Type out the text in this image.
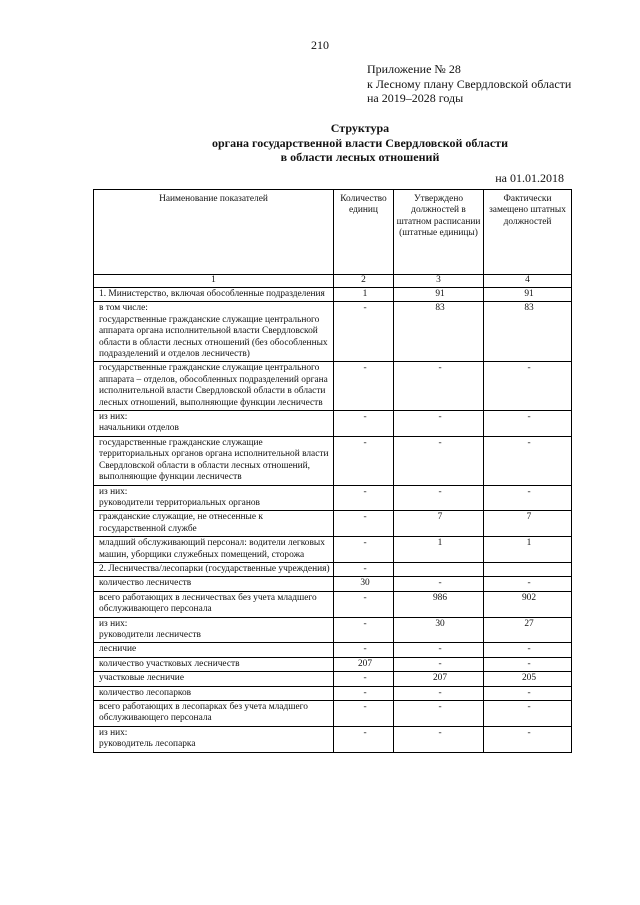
210
Приложение № 28
к Лесному плану Свердловской области
на 2019–2028 годы
Структура
органа государственной власти Свердловской области
в области лесных отношений
на 01.01.2018
Наименование показателей	Количество единиц	Утверждено должностей в штатном расписании (штатные единицы)	Фактически замещено штатных должностей
1	2	3	4
1. Министерство, включая обособленные подразделения	1	91	91
в том числе:
государственные гражданские служащие центрального аппарата органа исполнительной власти Свердловской области в области лесных отношений (без обособленных подразделений и отделов лесничеств)	-	83	83
государственные гражданские служащие центрального аппарата – отделов, обособленных подразделений органа исполнительной власти Свердловской области в области лесных отношений, выполняющие функции лесничеств	-	-	-
из них:
начальники отделов	-	-	-
государственные гражданские служащие территориальных органов органа исполнительной власти Свердловской области в области лесных отношений, выполняющие функции лесничеств	-	-	-
из них:
руководители территориальных органов	-	-	-
гражданские служащие, не отнесенные к государственной службе	-	7	7
младший обслуживающий персонал: водители легковых машин, уборщики служебных помещений, сторожа	-	1	1
2. Лесничества/лесопарки (государственные учреждения)	-		
количество лесничеств	30	-	-
всего работающих в лесничествах без учета младшего обслуживающего персонала	-	986	902
из них:
руководители лесничеств	-	30	27
лесничие	-	-	-
количество участковых лесничеств	207	-	-
участковые лесничие	-	207	205
количество лесопарков	-	-	-
всего работающих в лесопарках без учета младшего обслуживающего персонала	-	-	-
из них:
руководитель лесопарка	-	-	-
